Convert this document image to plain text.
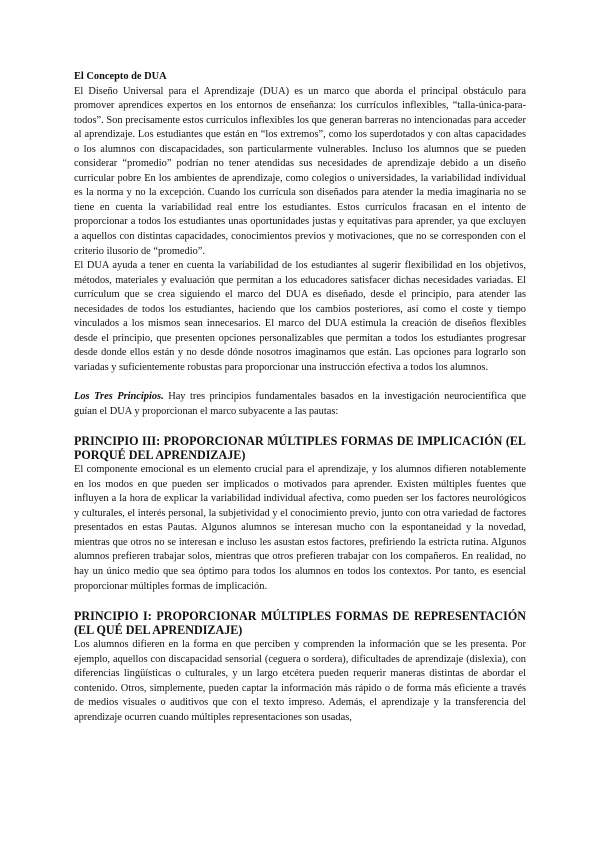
El Concepto de DUA

El Diseño Universal para el Aprendizaje (DUA) es un marco que aborda el principal obstáculo para promover aprendices expertos en los entornos de enseñanza: los currículos inflexibles, “talla-única-para-todos”. Son precisamente estos currículos inflexibles los que generan barreras no intencionadas para acceder al aprendizaje. Los estudiantes que están en “los extremos”, como los superdotados y con altas capacidades o los alumnos con discapacidades, son particularmente vulnerables. Incluso los alumnos que se pueden considerar “promedio” podrían no tener atendidas sus necesidades de aprendizaje debido a un diseño curricular pobre En los ambientes de aprendizaje, como colegios o universidades, la variabilidad individual es la norma y no la excepción. Cuando los currícula son diseñados para atender la media imaginaria no se tiene en cuenta la variabilidad real entre los estudiantes. Estos currículos fracasan en el intento de proporcionar a todos los estudiantes unas oportunidades justas y equitativas para aprender, ya que excluyen a aquellos con distintas capacidades, conocimientos previos y motivaciones, que no se corresponden con el criterio ilusorio de “promedio”.

El DUA ayuda a tener en cuenta la variabilidad de los estudiantes al sugerir flexibilidad en los objetivos, métodos, materiales y evaluación que permitan a los educadores satisfacer dichas necesidades variadas. El currículum que se crea siguiendo el marco del DUA es diseñado, desde el principio, para atender las necesidades de todos los estudiantes, haciendo que los cambios posteriores, así como el coste y tiempo vinculados a los mismos sean innecesarios. El marco del DUA estimula la creación de diseños flexibles desde el principio, que presenten opciones personalizables que permitan a todos los estudiantes progresar desde donde ellos están y no desde dónde nosotros imaginamos que están. Las opciones para lograrlo son variadas y suficientemente robustas para proporcionar una instrucción efectiva a todos los alumnos.

Los Tres Principios. Hay tres principios fundamentales basados en la investigación neurocientífica que guían el DUA y proporcionan el marco subyacente a las pautas:

PRINCIPIO III: PROPORCIONAR MÚLTIPLES FORMAS DE IMPLICACIÓN (EL PORQUÉ DEL APRENDIZAJE)

El componente emocional es un elemento crucial para el aprendizaje, y los alumnos difieren notablemente en los modos en que pueden ser implicados o motivados para aprender. Existen múltiples fuentes que influyen a la hora de explicar la variabilidad individual afectiva, como pueden ser los factores neurológicos y culturales, el interés personal, la subjetividad y el conocimiento previo, junto con otra variedad de factores presentados en estas Pautas. Algunos alumnos se interesan mucho con la espontaneidad y la novedad, mientras que otros no se interesan e incluso les asustan estos factores, prefiriendo la estricta rutina. Algunos alumnos prefieren trabajar solos, mientras que otros prefieren trabajar con los compañeros. En realidad, no hay un único medio que sea óptimo para todos los alumnos en todos los contextos. Por tanto, es esencial proporcionar múltiples formas de implicación.

PRINCIPIO I: PROPORCIONAR MÚLTIPLES FORMAS DE REPRESENTACIÓN (EL QUÉ DEL APRENDIZAJE)

Los alumnos difieren en la forma en que perciben y comprenden la información que se les presenta. Por ejemplo, aquellos con discapacidad sensorial (ceguera o sordera), dificultades de aprendizaje (dislexia), con diferencias lingüísticas o culturales, y un largo etcétera pueden requerir maneras distintas de abordar el contenido. Otros, simplemente, pueden captar la información más rápido o de forma más eficiente a través de medios visuales o auditivos que con el texto impreso. Además, el aprendizaje y la transferencia del aprendizaje ocurren cuando múltiples representaciones son usadas,
